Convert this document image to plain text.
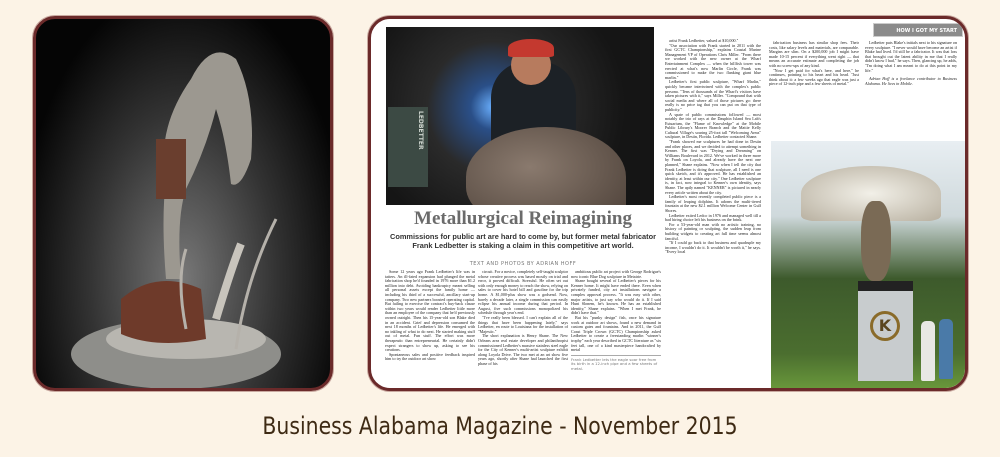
LEDBETTER
Metallurgical Reimagining
Commissions for public art are hard to come by, but former metal fabricator Frank Ledbetter is staking a claim in this competitive art world.
TEXT AND PHOTOS BY ADRIAN HOFF

Some 12 years ago Frank Ledbetter's life was in tatters. An ill-fated expansion had plunged the metal fabrication shop he'd founded in 1976 more than $1.2 million into debt. Avoiding bankruptcy meant selling all personal assets except the family home — including his third of a successful, ancillary start-up company. Two new partners boosted operating capital. But failing to exercise the contract's buy-back clause within two years would render Ledbetter little more than an employee of the company that he'd previously owned outright. Then his 15-year-old son Blake died in an accident. Grief and depression consumed the next 18 months of Ledbetter's life. He emerged with no inkling of what to do next. He started making stuff out of metal. Fun stuff. The effort was more therapeutic than entrepreneurial. He certainly didn't expect strangers to show up, asking to see his creations.

Spontaneous sales and positive feedback inspired him to try the outdoor art show

circuit. For a novice, completely self-taught sculptor whose creative process was based mostly on trial and error, it proved difficult. Stressful. He often set out with only enough money to reach the show, relying on sales to cover his hotel bill and gasoline for the trip home. A $1,000-plus show was a godsend. Now, barely a decade later, a single commission can easily eclipse his annual income during that period. In August, five such commissions monopolized his schedule through year's end.

"I've really been blessed. I can't explain all of the things that have been happening lately," says Ledbetter, en route to Louisiana for the installation of "Majestic."

The short explanation is Henry Shane. The New Orleans area real estate developer and philanthropist commissioned Ledbetter's massive stainless steel eagle for the City of Kenner's multi-artist sculpture exhibit along Loyola Drive. The two met at an art show five years ago, shortly after Shane had launched the first phase of his

ambitious public art project with George Rodrigue's now iconic Blue Dog sculpture in Metairie.

Shane bought several of Ledbetter's pieces for his Kenner home. It might have ended there. Even when privately funded, city art installations navigate a complex approval process. "It was easy with other, major artists, to just say who would do it. If I said Hunt Slonem, he's known. He has an established identity," Shane explains. "When I met Frank, he didn't have that."

But his "punky design" fish, once his signature work at outdoor art shows, found a new demand in custom gates and fountains. And in 2011, the Gulf Coast Triple Crown (GCTC) Championship asked Ledbetter to create a freestanding marlin "winner's trophy" each year described in GCTC literature as "six feet tall, one of a kind masterpiece handcrafted by metal

Frank Ledbetter lets the eagle soar free from its birth in a 12-inch pipe and a few sheets of metal.

artist Frank Ledbetter, valued at $10,000."

"Our association with Frank started in 2011 with the first GCTC Championship," explains Coastal Marine Management VP of Operations Chris Miller. "From there we worked with the new owner at the Wharf Entertainment Complex — when the hillfish tower was erected at what's now Marlin Circle, Frank was commissioned to make the two flanking giant blue marlin."

Ledbetter's first public sculpture, "Wharf Marlin," quickly became intertwined with the complex's public persona. "Tens of thousands of the Wharf's visitors have taken pictures with it," says Miller. "Compound that with social media and where all of those pictures go: there really is no price tag that you can put on that type of publicity."

A spate of public commissions followed — most notably the trio of rays at the Dauphin Island Sea Lab's Estuarium, the "Flame of Knowledge" at the Mobile Public Library's Moorer Branch and the Mattie Kelly Cultural Village's soaring 25-foot tall "Welcoming Arms" sculpture, in Destin, Florida. Ledbetter contacted Shane.

"Frank showed me sculptures he had done in Destin and other places, and we decided to attempt something in Kenner. The first was "Drying and Dreaming" on Williams Boulevard in 2012. We've worked in three more by Frank on Loyola, and already have the next one planned," Shane explains. "Now when I tell the city that Frank Ledbetter is doing that sculpture, all I need is one quick sketch, and it's approved. He has established an identity, at least within our city." One Ledbetter sculpture is, in fact, now integral to Kenner's own identity, says Shane. The aptly named "KENNER" is pictured in nearly every article written about the city.

Ledbetter's most recently completed public piece is a family of leaping dolphins. It adorns the multi-tiered fountain at the new $2.1 million Welcome Center in Gulf Shores.

Ledbetter exited Ledco in 1976 and managed well till a bad hiring choice left his business on the brink.

For a 53-year-old man with no artistic training, no history of painting or sculpting, the sudden leap from building widgets to creating art full time seems almost fanciful.

"If I could go back to that business and quadruple my income, I wouldn't do it. It wouldn't be worth it," he says. "Every local

HOW I GOT MY START

fabrication business has similar shop fees. Their costs, like salary levels and materials, are comparable. Margins are slim. On a $200,000 job I might have made 10-15 percent if everything went right — that means an accurate estimate and completing the job with no screw-ups of any kind.

"Now I get paid for what's here, and here," he continues, pointing to his heart and his head. "Just think about it: a few weeks ago that eagle was just a piece of 12-inch pipe and a few sheets of metal."

Ledbetter puts Blake's initials next to his signature on every sculpture. "I never would have become an artist if Blake had lived. I'd still be a fabricator. It was that loss that brought out the latent ability in me that I really didn't know I had," he says. Then, glancing up, he adds, "I'm doing what I am meant to do at this point in my life."

Adrian Hoff is a freelance contributor to Business Alabama. He lives in Mobile.

K
Business Alabama Magazine - November 2015
